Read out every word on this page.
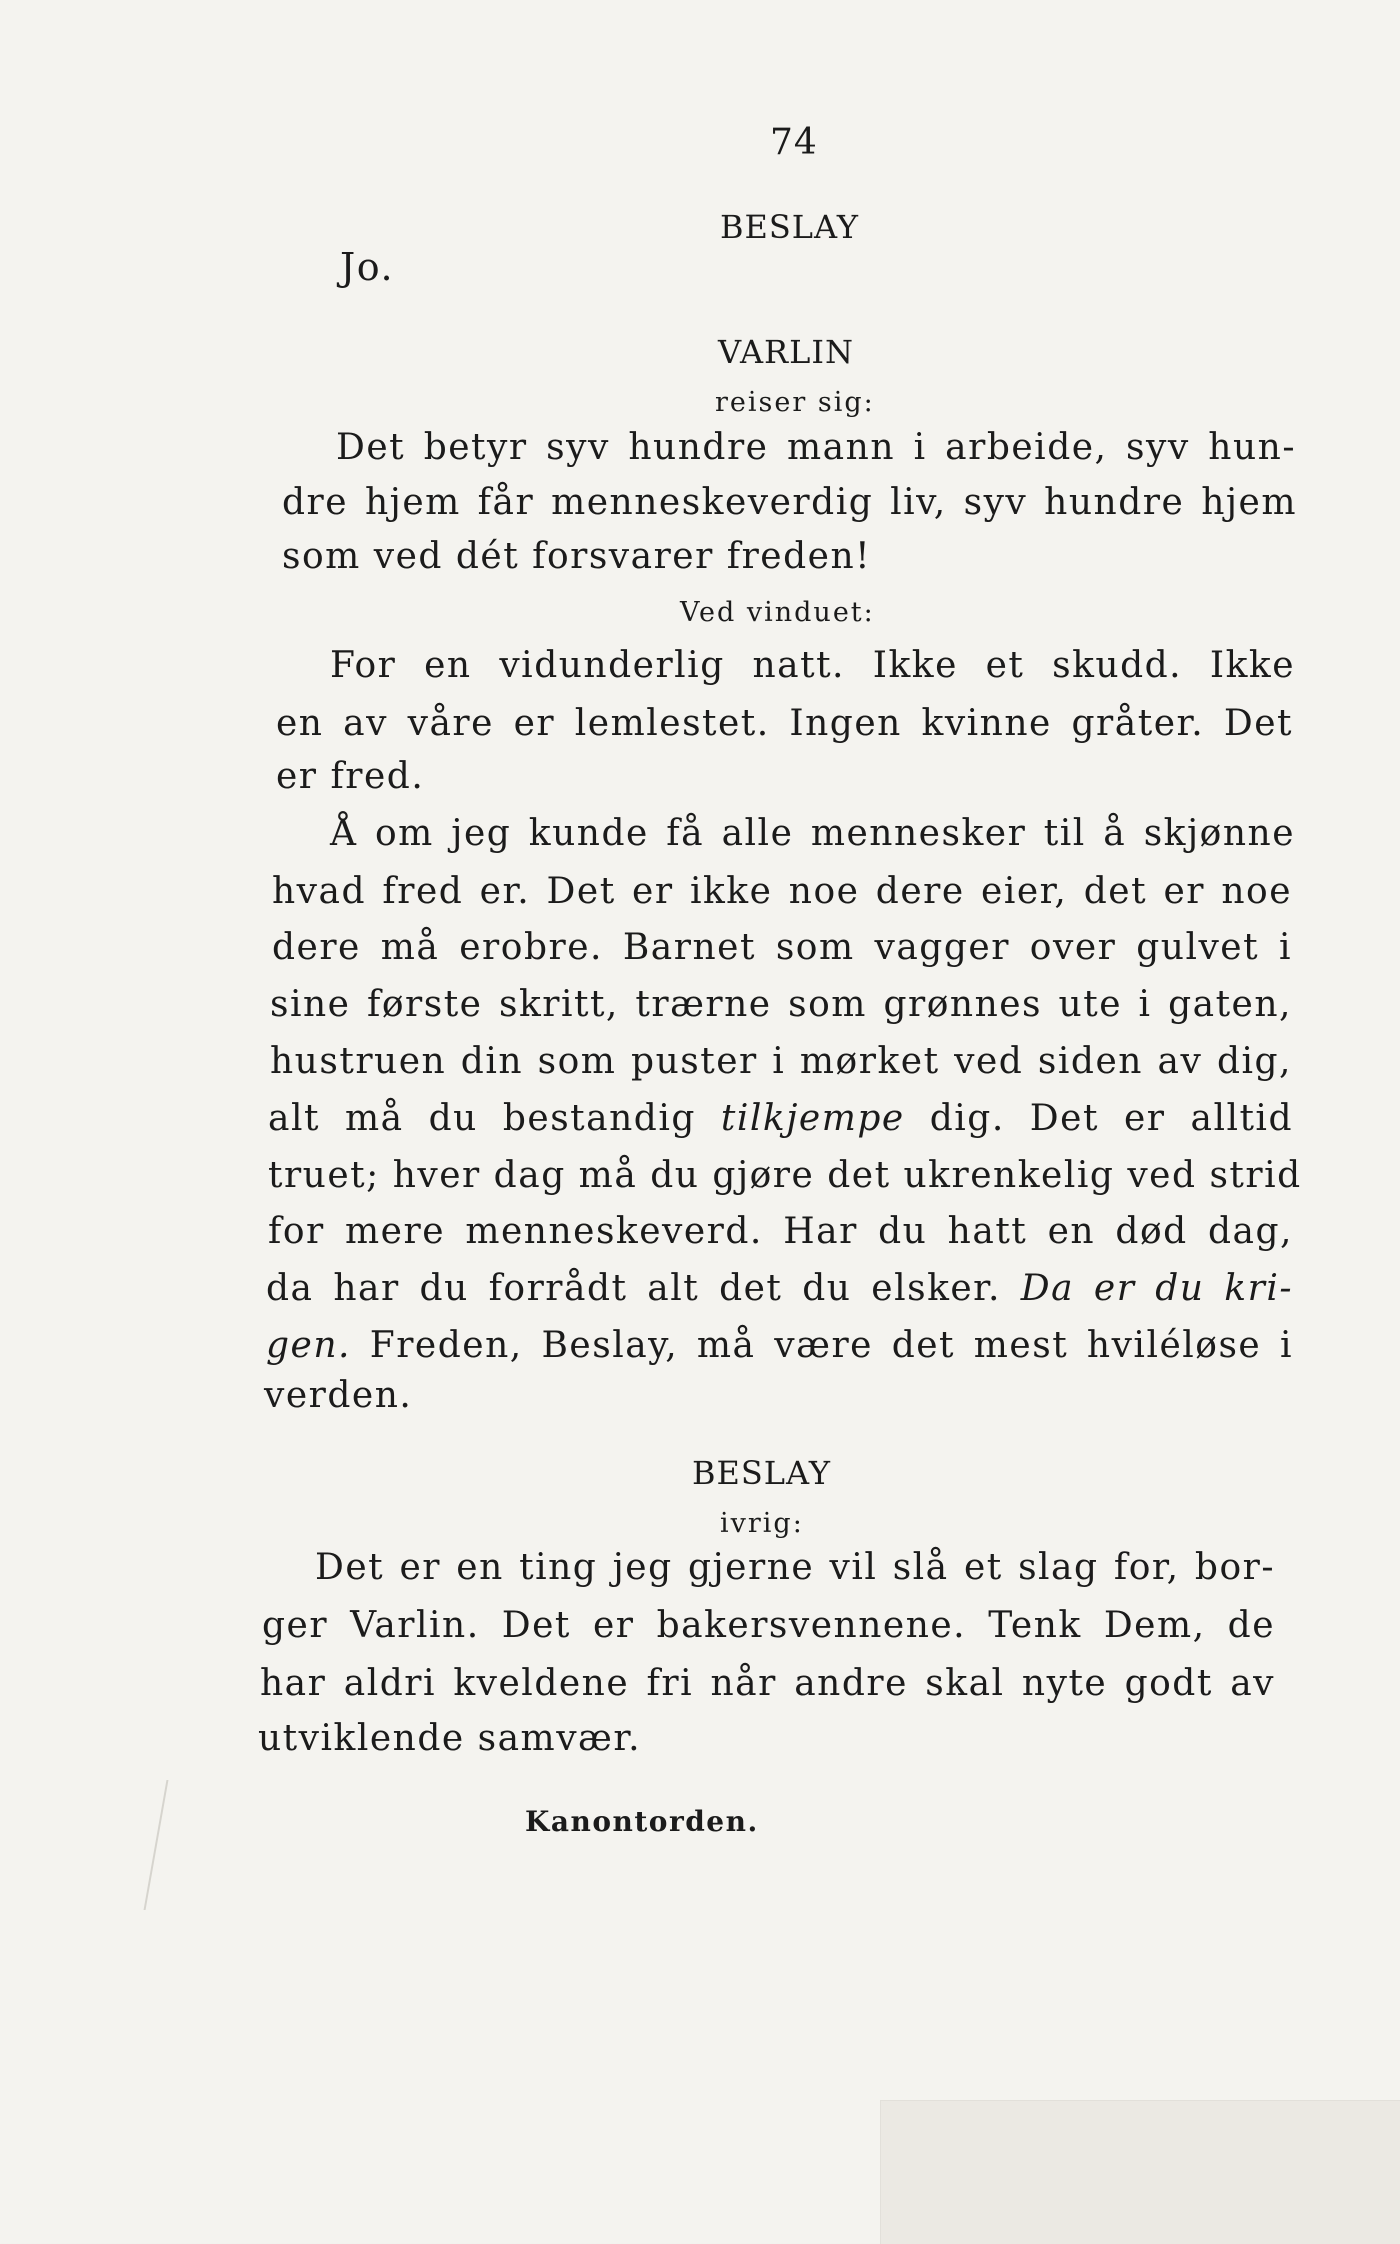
74
BESLAY
Jo.
VARLIN
reiser sig:
Det betyr syv hundre mann i arbeide, syv hun-
dre hjem får menneskeverdig liv, syv hundre hjem
som ved dét forsvarer freden!
Ved vinduet:
For en vidunderlig natt. Ikke et skudd. Ikke
en av våre er lemlestet. Ingen kvinne gråter. Det
er fred.
Å om jeg kunde få alle mennesker til å skjønne
hvad fred er. Det er ikke noe dere eier, det er noe
dere må erobre. Barnet som vagger over gulvet i
sine første skritt, trærne som grønnes ute i gaten,
hustruen din som puster i mørket ved siden av dig,
alt må du bestandig tilkjempe dig. Det er alltid
truet; hver dag må du gjøre det ukrenkelig ved strid
for mere menneskeverd. Har du hatt en død dag,
da har du forrådt alt det du elsker. Da er du kri-
gen. Freden, Beslay, må være det mest hviléløse i
verden.
BESLAY
ivrig:
Det er en ting jeg gjerne vil slå et slag for, bor-
ger Varlin. Det er bakersvennene. Tenk Dem, de
har aldri kveldene fri når andre skal nyte godt av
utviklende samvær.
Kanontorden.
